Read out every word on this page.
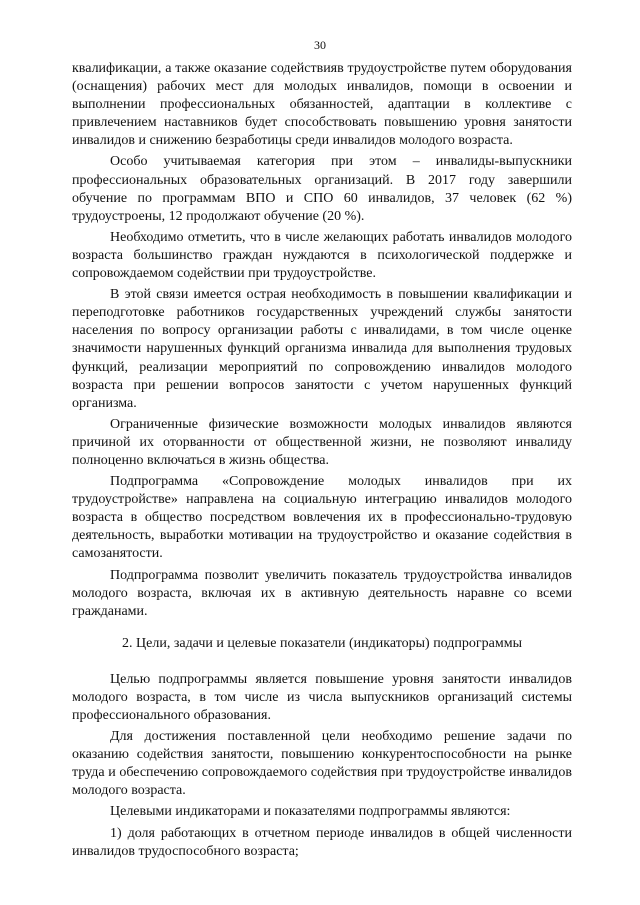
30

квалификации, а также оказание содействияв трудоустройстве путем оборудования (оснащения) рабочих мест для молодых инвалидов, помощи в освоении и выполнении профессиональных обязанностей, адаптации в коллективе с привлечением наставников будет способствовать повышению уровня занятости инвалидов и снижению безработицы среди инвалидов молодого возраста.

Особо учитываемая категория при этом – инвалиды-выпускники профессиональных образовательных организаций. В 2017 году завершили обучение по программам ВПО и СПО 60 инвалидов, 37 человек (62 %) трудоустроены, 12 продолжают обучение (20 %).

Необходимо отметить, что в числе желающих работать инвалидов молодого возраста большинство граждан нуждаются в психологической поддержке и сопровождаемом содействии при трудоустройстве.

В этой связи имеется острая необходимость в повышении квалификации и переподготовке работников государственных учреждений службы занятости населения по вопросу организации работы с инвалидами, в том числе оценке значимости нарушенных функций организма инвалида для выполнения трудовых функций, реализации мероприятий по сопровождению инвалидов молодого возраста при решении вопросов занятости с учетом нарушенных функций организма.

Ограниченные физические возможности молодых инвалидов являются причиной их оторванности от общественной жизни, не позволяют инвалиду полноценно включаться в жизнь общества.

Подпрограмма «Сопровождение молодых инвалидов при их трудоустройстве» направлена на социальную интеграцию инвалидов молодого возраста в общество посредством вовлечения их в профессионально-трудовую деятельность, выработки мотивации на трудоустройство и оказание содействия в самозанятости.

Подпрограмма позволит увеличить показатель трудоустройства инвалидов молодого возраста, включая их в активную деятельность наравне со всеми гражданами.

2. Цели, задачи и целевые показатели (индикаторы) подпрограммы

Целью подпрограммы является повышение уровня занятости инвалидов молодого возраста, в том числе из числа выпускников организаций системы профессионального образования.

Для достижения поставленной цели необходимо решение задачи по оказанию содействия занятости, повышению конкурентоспособности на рынке труда и обеспечению сопровождаемого содействия при трудоустройстве инвалидов молодого возраста.

Целевыми индикаторами и показателями подпрограммы являются:

1) доля работающих в отчетном периоде инвалидов в общей численности инвалидов трудоспособного возраста;
